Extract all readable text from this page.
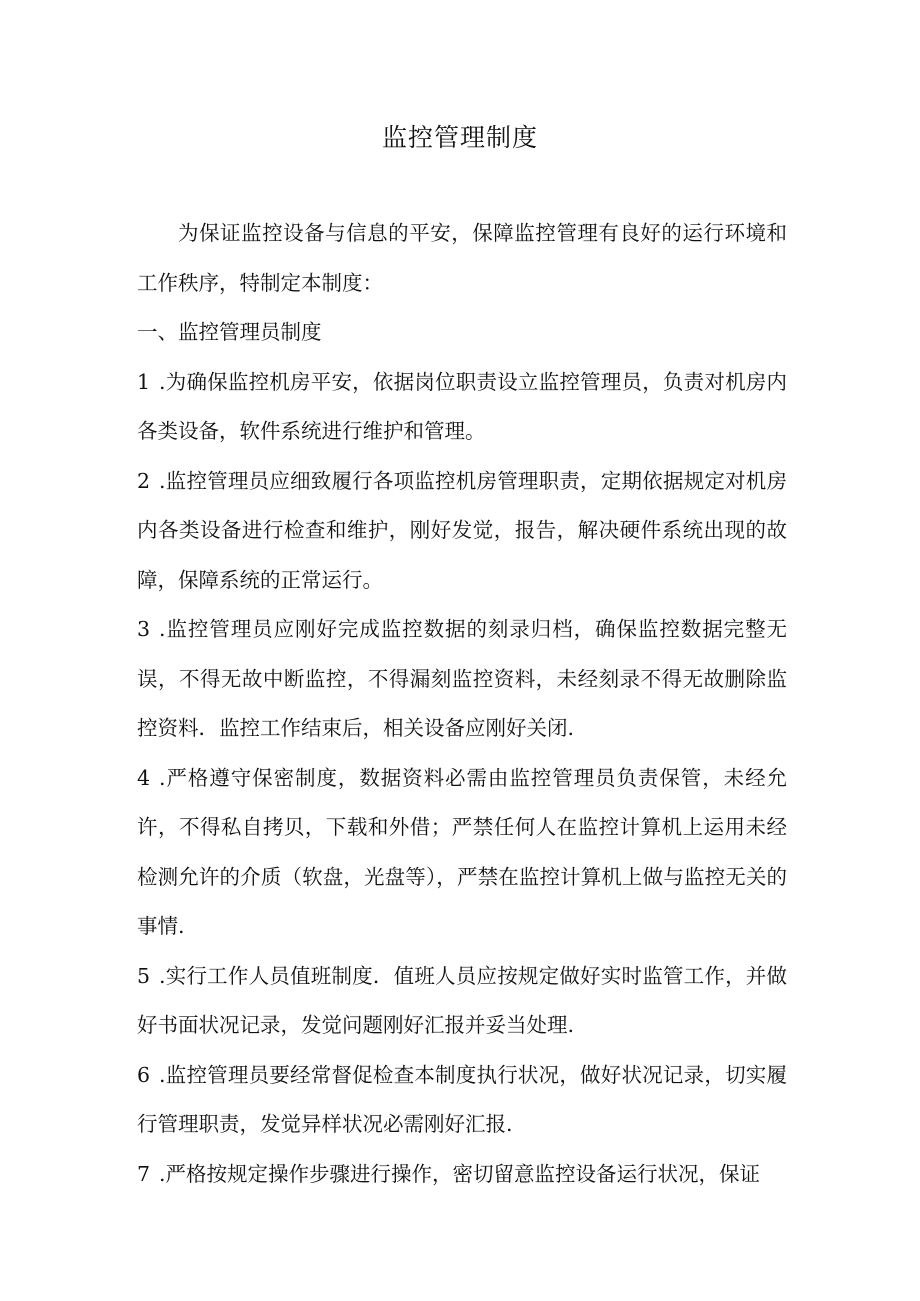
监控管理制度

为保证监控设备与信息的平安，保障监控管理有良好的运行环境和工作秩序，特制定本制度：

一、监控管理员制度

1 .为确保监控机房平安，依据岗位职责设立监控管理员，负责对机房内各类设备，软件系统进行维护和管理。

2 .监控管理员应细致履行各项监控机房管理职责，定期依据规定对机房内各类设备进行检查和维护，刚好发觉，报告，解决硬件系统出现的故障，保障系统的正常运行。

3 .监控管理员应刚好完成监控数据的刻录归档，确保监控数据完整无误，不得无故中断监控，不得漏刻监控资料，未经刻录不得无故删除监控资料．监控工作结束后，相关设备应刚好关闭.

4 .严格遵守保密制度，数据资料必需由监控管理员负责保管，未经允许，不得私自拷贝，下载和外借；严禁任何人在监控计算机上运用未经检测允许的介质（软盘，光盘等），严禁在监控计算机上做与监控无关的事情.

5 .实行工作人员值班制度．值班人员应按规定做好实时监管工作，并做好书面状况记录，发觉问题刚好汇报并妥当处理.

6 .监控管理员要经常督促检查本制度执行状况，做好状况记录，切实履行管理职责，发觉异样状况必需刚好汇报.

7 .严格按规定操作步骤进行操作，密切留意监控设备运行状况，保证
